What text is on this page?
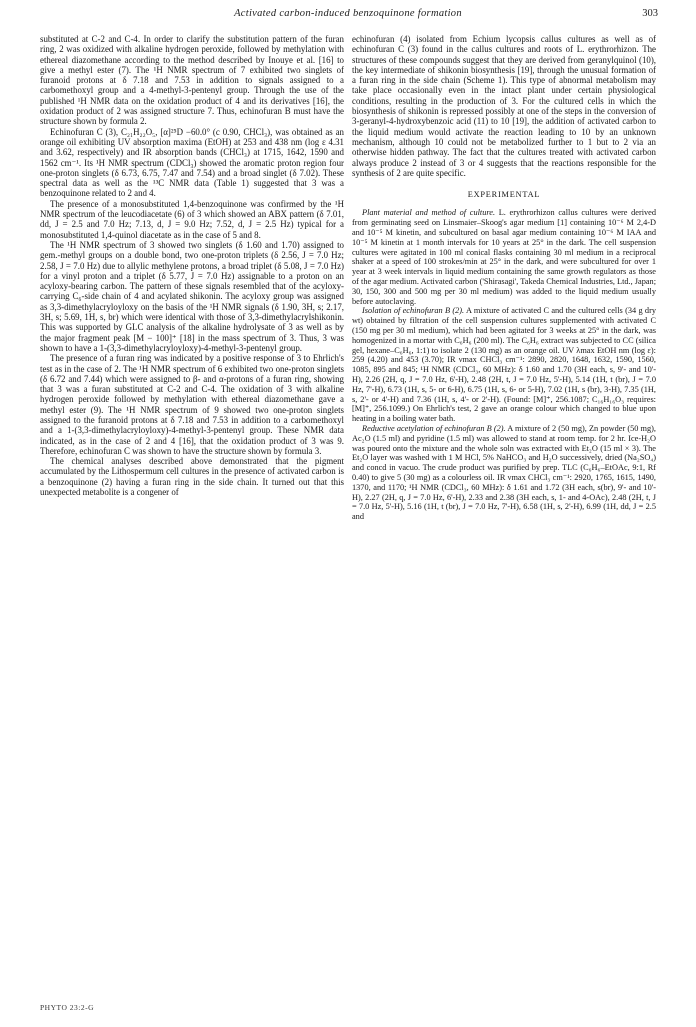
Activated carbon-induced benzoquinone formation	303

substituted at C-2 and C-4. In order to clarify the substitution pattern of the furan ring, 2 was oxidized with alkaline hydrogen peroxide, followed by methylation with ethereal diazomethane according to the method described by Inouye et al. [16] to give a methyl ester (7). The ¹H NMR spectrum of 7 exhibited two singlets of furanoid protons at δ 7.18 and 7.53 in addition to signals assigned to a carbomethoxyl group and a 4-methyl-3-pentenyl group. Through the use of the published ¹H NMR data on the oxidation product of 4 and its derivatives [16], the oxidation product of 2 was assigned structure 7. Thus, echinofuran B must have the structure shown by formula 2.

Echinofuran C (3), C₂₁H₂₂O₅, [α]²⁵D −60.0° (c 0.90, CHCl₃), was obtained as an orange oil exhibiting UV absorption maxima (EtOH) at 253 and 438 nm (log ε 4.31 and 3.62, respectively) and IR absorption bands (CHCl₃) at 1715, 1642, 1590 and 1562 cm⁻¹. Its ¹H NMR spectrum (CDCl₃) showed the aromatic proton region four one-proton singlets (δ 6.73, 6.75, 7.47 and 7.54) and a broad singlet (δ 7.02). These spectral data as well as the ¹³C NMR data (Table 1) suggested that 3 was a benzoquinone related to 2 and 4.

The presence of a monosubstituted 1,4-benzoquinone was confirmed by the ¹H NMR spectrum of the leucodiacetate (6) of 3 which showed an ABX pattern (δ 7.01, dd, J = 2.5 and 7.0 Hz; 7.13, d, J = 9.0 Hz; 7.52, d, J = 2.5 Hz) typical for a monosubstituted 1,4-quinol diacetate as in the case of 5 and 8.

The ¹H NMR spectrum of 3 showed two singlets (δ 1.60 and 1.70) assigned to gem.-methyl groups on a double bond, two one-proton triplets (δ 2.56, J = 7.0 Hz; 2.58, J = 7.0 Hz) due to allylic methylene protons, a broad triplet (δ 5.08, J = 7.0 Hz) for a vinyl proton and a triplet (δ 5.77, J = 7.0 Hz) assignable to a proton on an acyloxy-bearing carbon. The pattern of these signals resembled that of the acyloxy-carrying C₆-side chain of 4 and acylated shikonin. The acyloxy group was assigned as 3,3-dimethylacryloyloxy on the basis of the ¹H NMR signals (δ 1.90, 3H, s; 2.17, 3H, s; 5.69, 1H, s, br) which were identical with those of 3,3-dimethylacrylshikonin. This was supported by GLC analysis of the alkaline hydrolysate of 3 as well as by the major fragment peak [M − 100]⁺ [18] in the mass spectrum of 3. Thus, 3 was shown to have a 1-(3,3-dimethylacryloyloxy)-4-methyl-3-pentenyl group.

The presence of a furan ring was indicated by a positive response of 3 to Ehrlich's test as in the case of 2. The ¹H NMR spectrum of 6 exhibited two one-proton singlets (δ 6.72 and 7.44) which were assigned to β- and α-protons of a furan ring, showing that 3 was a furan substituted at C-2 and C-4. The oxidation of 3 with alkaline hydrogen peroxide followed by methylation with ethereal diazomethane gave a methyl ester (9). The ¹H NMR spectrum of 9 showed two one-proton singlets assigned to the furanoid protons at δ 7.18 and 7.53 in addition to a carbomethoxyl and a 1-(3,3-dimethylacryloyloxy)-4-methyl-3-pentenyl group. These NMR data indicated, as in the case of 2 and 4 [16], that the oxidation product of 3 was 9. Therefore, echinofuran C was shown to have the structure shown by formula 3.

The chemical analyses described above demonstrated that the pigment accumulated by the Lithospermum cell cultures in the presence of activated carbon is a benzoquinone (2) having a furan ring in the side chain. It turned out that this unexpected metabolite is a congener of

echinofuran (4) isolated from Echium lycopsis callus cultures as well as of echinofuran C (3) found in the callus cultures and roots of L. erythrorhizon. The structures of these compounds suggest that they are derived from geranylquinol (10), the key intermediate of shikonin biosynthesis [19], through the unusual formation of a furan ring in the side chain (Scheme 1). This type of abnormal metabolism may take place occasionally even in the intact plant under certain physiological conditions, resulting in the production of 3. For the cultured cells in which the biosynthesis of shikonin is repressed possibly at one of the steps in the conversion of 3-geranyl-4-hydroxybenzoic acid (11) to 10 [19], the addition of activated carbon to the liquid medium would activate the reaction leading to 10 by an unknown mechanism, although 10 could not be metabolized further to 1 but to 2 via an otherwise hidden pathway. The fact that the cultures treated with activated carbon always produce 2 instead of 3 or 4 suggests that the reactions responsible for the synthesis of 2 are quite specific.

EXPERIMENTAL

Plant material and method of culture. L. erythrorhizon callus cultures were derived from germinating seed on Linsmaier–Skoog's agar medium [1] containing 10⁻⁶ M 2,4-D and 10⁻⁵ M kinetin, and subcultured on basal agar medium containing 10⁻⁶ M IAA and 10⁻⁵ M kinetin at 1 month intervals for 10 years at 25° in the dark. The cell suspension cultures were agitated in 100 ml conical flasks containing 30 ml medium in a reciprocal shaker at a speed of 100 strokes/min at 25° in the dark, and were subcultured for over 1 year at 3 week intervals in liquid medium containing the same growth regulators as those of the agar medium. Activated carbon ('Shirasagi', Takeda Chemical Industries, Ltd., Japan; 30, 150, 300 and 500 mg per 30 ml medium) was added to the liquid medium usually before autoclaving.

Isolation of echinofuran B (2). A mixture of activated C and the cultured cells (34 g dry wt) obtained by filtration of the cell suspension cultures supplemented with activated C (150 mg per 30 ml medium), which had been agitated for 3 weeks at 25° in the dark, was homogenized in a mortar with C₆H₆ (200 ml). The C₆H₆ extract was subjected to CC (silica gel, hexane–C₆H₆, 1:1) to isolate 2 (130 mg) as an orange oil. UV λmax EtOH nm (log ε): 259 (4.20) and 453 (3.70); IR νmax CHCl₃ cm⁻¹: 2890, 2820, 1648, 1632, 1590, 1560, 1085, 895 and 845; ¹H NMR (CDCl₃, 60 MHz): δ 1.60 and 1.70 (3H each, s, 9'- and 10'-H), 2.26 (2H, q, J = 7.0 Hz, 6'-H), 2.48 (2H, t, J = 7.0 Hz, 5'-H), 5.14 (1H, t (br), J = 7.0 Hz, 7'-H), 6.73 (1H, s, 5- or 6-H), 6.75 (1H, s, 6- or 5-H), 7.02 (1H, s (br), 3-H), 7.35 (1H, s, 2'- or 4'-H) and 7.36 (1H, s, 4'- or 2'-H). (Found: [M]⁺, 256.1087; C₁₆H₁₆O₃ requires: [M]⁺, 256.1099.) On Ehrlich's test, 2 gave an orange colour which changed to blue upon heating in a boiling water bath.

Reductive acetylation of echinofuran B (2). A mixture of 2 (50 mg), Zn powder (50 mg), Ac₂O (1.5 ml) and pyridine (1.5 ml) was allowed to stand at room temp. for 2 hr. Ice-H₂O was poured onto the mixture and the whole soln was extracted with Et₂O (15 ml × 3). The Et₂O layer was washed with 1 M HCl, 5% NaHCO₃ and H₂O successively, dried (Na₂SO₄) and concd in vacuo. The crude product was purified by prep. TLC (C₆H₆–EtOAc, 9:1, Rf 0.40) to give 5 (30 mg) as a colourless oil. IR νmax CHCl₃ cm⁻¹: 2920, 1765, 1615, 1490, 1370, and 1170; ¹H NMR (CDCl₃, 60 MHz): δ 1.61 and 1.72 (3H each, s(br), 9'- and 10'-H), 2.27 (2H, q, J = 7.0 Hz, 6'-H), 2.33 and 2.38 (3H each, s, 1- and 4-OAc), 2.48 (2H, t, J = 7.0 Hz, 5'-H), 5.16 (1H, t (br), J = 7.0 Hz, 7'-H), 6.58 (1H, s, 2'-H), 6.99 (1H, dd, J = 2.5 and

PHYTO 23:2-G
